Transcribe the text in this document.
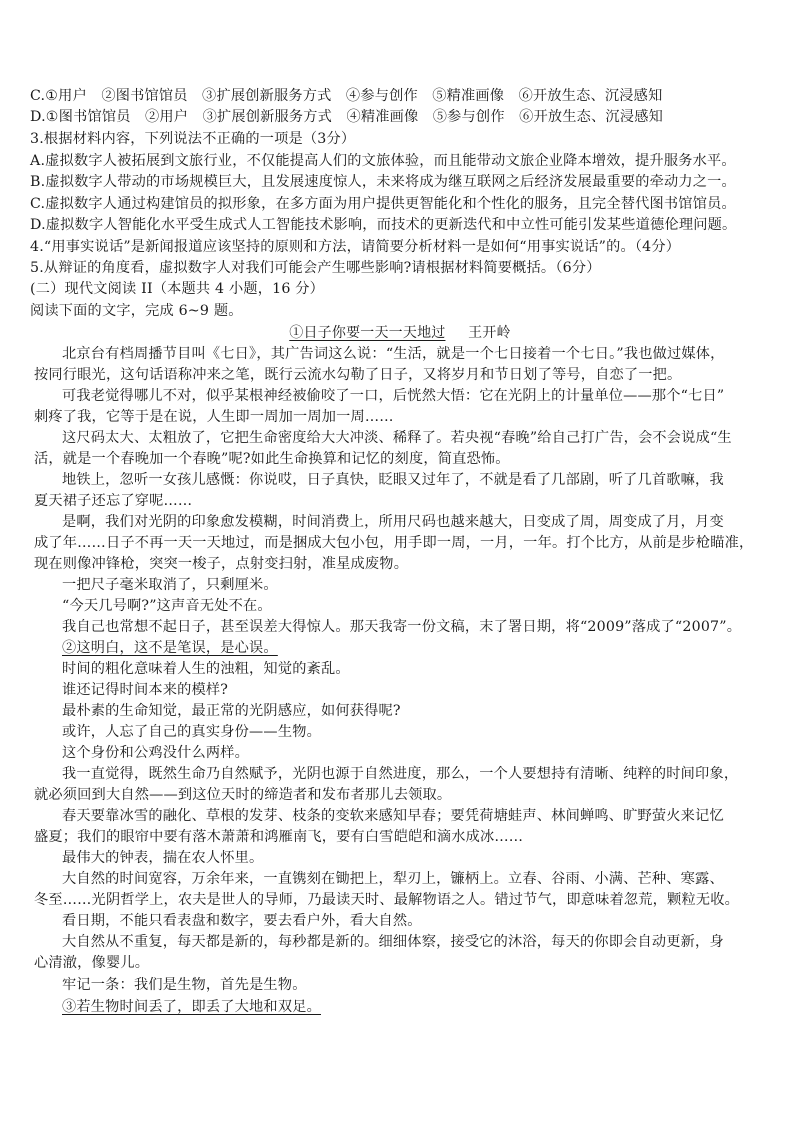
C.①用户　②图书馆馆员　③扩展创新服务方式　④参与创作　⑤精准画像　⑥开放生态、沉浸感知
D.①图书馆馆员　②用户　③扩展创新服务方式　④精准画像　⑤参与创作　⑥开放生态、沉浸感知
3.根据材料内容，下列说法不正确的一项是（3分）
A.虚拟数字人被拓展到文旅行业，不仅能提高人们的文旅体验，而且能带动文旅企业降本增效，提升服务水平。
B.虚拟数字人带动的市场规模巨大，且发展速度惊人，未来将成为继互联网之后经济发展最重要的牵动力之一。
C.虚拟数字人通过构建馆员的拟形象，在多方面为用户提供更智能化和个性化的服务，且完全替代图书馆馆员。
D.虚拟数字人智能化水平受生成式人工智能技术影响，而技术的更新迭代和中立性可能引发某些道德伦理问题。
4.“用事实说话”是新闻报道应该坚持的原则和方法，请简要分析材料一是如何“用事实说话”的。（4分）
5.从辩证的角度看，虚拟数字人对我们可能会产生哪些影响?请根据材料简要概括。（6分）
(二）现代文阅读 II（本题共 4 小题，16 分）
阅读下面的文字，完成 6~9 题。
①日子你要一天一天地过 王开岭
北京台有档周播节目叫《七日》，其广告词这么说：“生活，就是一个七日接着一个七日。”我也做过媒体，
按同行眼光，这句话语称冲来之笔，既行云流水勾勒了日子，又将岁月和节日划了等号，自恋了一把。
可我老觉得哪儿不对，似乎某根神经被偷咬了一口，后恍然大悟：它在光阴上的计量单位——那个“七日”
刺疼了我，它等于是在说，人生即一周加一周加一周……
这尺码太大、太粗放了，它把生命密度给大大冲淡、稀释了。若央视“春晚”给自己打广告，会不会说成“生
活，就是一个春晚加一个春晚”呢?如此生命换算和记忆的刻度，简直恐怖。
地铁上，忽听一女孩儿感慨：你说哎，日子真快，眨眼又过年了，不就是看了几部剧，听了几首歌嘛，我
夏天裙子还忘了穿呢……
是啊，我们对光阴的印象愈发模糊，时间消费上，所用尺码也越来越大，日变成了周，周变成了月，月变
成了年……日子不再一天一天地过，而是捆成大包小包，用手即一周，一月，一年。打个比方，从前是步枪瞄准，
现在则像冲锋枪，突突一梭子，点射变扫射，准星成废物。
一把尺子毫米取消了，只剩厘米。
“今天几号啊?”这声音无处不在。
我自己也常想不起日子，甚至误差大得惊人。那天我寄一份文稿，末了署日期，将“2009”落成了“2007”。
②这明白，这不是笔误，是心误。
时间的粗化意味着人生的浊粗，知觉的紊乱。
谁还记得时间本来的模样?
最朴素的生命知觉，最正常的光阴感应，如何获得呢?
或许，人忘了自己的真实身份——生物。
这个身份和公鸡没什么两样。
我一直觉得，既然生命乃自然赋予，光阴也源于自然进度，那么，一个人要想持有清晰、纯粹的时间印象，
就必须回到大自然——到这位天时的缔造者和发布者那儿去领取。
春天要靠冰雪的融化、草根的发芽、枝条的变软来感知早春；要凭荷塘蛙声、林间蝉鸣、旷野萤火来记忆
盛夏；我们的眼帘中要有落木萧萧和鸿雁南飞，要有白雪皑皑和滴水成冰……
最伟大的钟表，揣在农人怀里。
大自然的时间宽容，万余年来，一直镌刻在锄把上，犁刃上，镰柄上。立春、谷雨、小满、芒种、寒露、
冬至……光阴哲学上，农夫是世人的导师，乃最读天时、最解物语之人。错过节气，即意味着忽荒，颗粒无收。
看日期，不能只看表盘和数字，要去看户外，看大自然。
大自然从不重复，每天都是新的，每秒都是新的。细细体察，接受它的沐浴，每天的你即会自动更新，身
心清澈，像婴儿。
牢记一条：我们是生物，首先是生物。
③若生物时间丢了，即丢了大地和双足。
